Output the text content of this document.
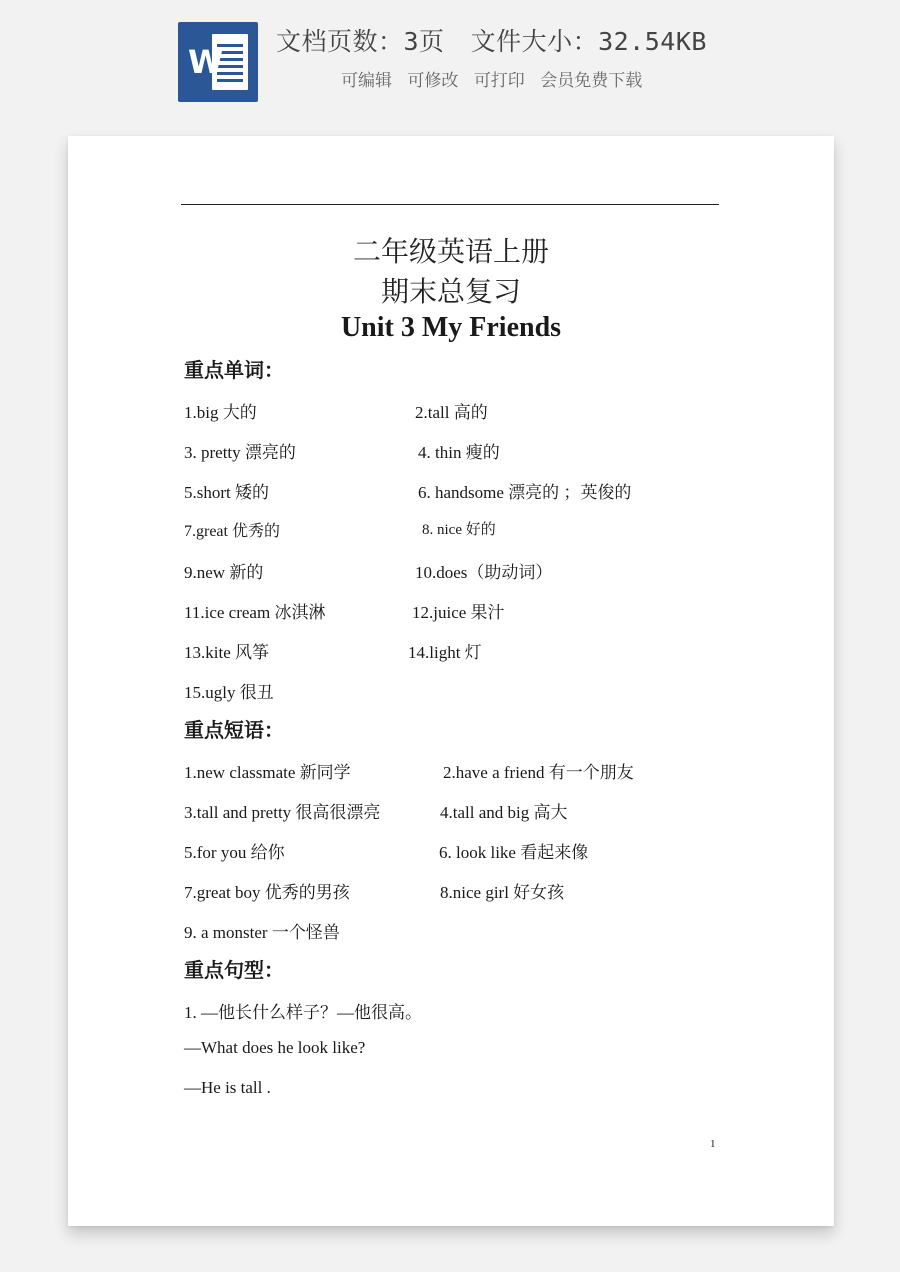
W
文档页数：3页 文件大小：32.54KB
可编辑 可修改 可打印 会员免费下载
二年级英语上册
期末总复习
Unit 3 My Friends
重点单词：
1.big 大的	2.tall 高的
3. pretty 漂亮的	4. thin 瘦的
5.short 矮的	6. handsome 漂亮的 ；英俊的
7.great 优秀的	8. nice 好的
9.new 新的	10.does（助动词）
11.ice cream 冰淇淋	12.juice 果汁
13.kite 风筝	14.light 灯
15.ugly 很丑
重点短语：
1.new classmate 新同学	2.have a friend 有一个朋友
3.tall and pretty 很高很漂亮	4.tall and big 高大
5.for you 给你	6. look like 看起来像
7.great boy 优秀的男孩	8.nice girl 好女孩
9. a monster 一个怪兽
重点句型：
1. —他长什么样子？—他很高。
—What does he look like?
—He is tall .
1
